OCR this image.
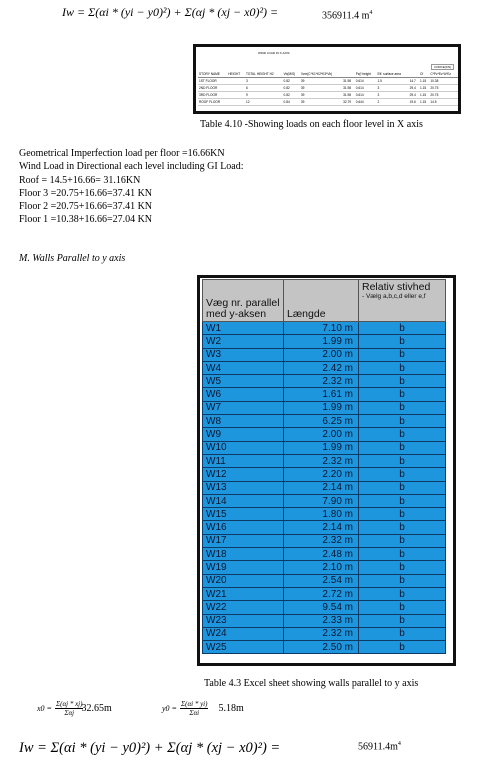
Iw = Σ(αi * (yi − y0)²) + Σ(αj * (xj − x0)²) =	356911.4 $m^4$
WIND LOAD IN X-AXIS
FORCE(KN)
STORY NAME	HEIGHT	TOTAL HEIGHT H2	Vb(M/S)	Vzm(C*K1*K2*K3*Vb)		Pz(f height	Eff. surface area		Cf	C*Pz*Ez*A*Ez
1ST FLOOR		3	0.82	39	31.98	0.614	1.5	14.7	1.15	10.38
2ND FLOOR		6	0.82	39	31.98	0.614	3	29.4	1.15	20.75
3RD FLOOR		9	0.82	39	31.98	0.614	3	29.4	1.15	20.75
ROOF FLOOR		12	0.84	39	32.79	0.644	2	19.6	1.15	14.5
Table 4.10 -Showing loads on each floor level in X axis
Geometrical Imperfection load per floor =16.66KN
Wind Load in Directional each level including GI Load:
Roof = 14.5+16.66= 31.16KN
Floor 3 =20.75+16.66=37.41 KN
Floor 2 =20.75+16.66=37.41 KN
Floor 1 =10.38+16.66=27.04 KN
M. Walls Parallel to y axis
Væg nr. parallel med y-aksen	Længde	Relativ stivhed
- Vælg a,b,c,d eller e,f

W1	7.10 m	b
W2	1.99 m	b
W3	2.00 m	b
W4	2.42 m	b
W5	2.32 m	b
W6	1.61 m	b
W7	1.99 m	b
W8	6.25 m	b
W9	2.00 m	b
W10	1.99 m	b
W11	2.32 m	b
W12	2.20 m	b
W13	2.14 m	b
W14	7.90 m	b
W15	1.80 m	b
W16	2.14 m	b
W17	2.32 m	b
W18	2.48 m	b
W19	2.10 m	b
W20	2.54 m	b
W21	2.72 m	b
W22	9.54 m	b
W23	2.33 m	b
W24	2.32 m	b
W25	2.50 m	b
Table 4.3 Excel sheet showing walls parallel to y axis
x0 = Σ(αj * xj)
Σαj 32.65m	y0 = Σ(αi * yi)
Σαi 5.18m
Iw = Σ(αi * (yi − y0)²) + Σ(αj * (xj − x0)²) =	$56911.4m^4$
